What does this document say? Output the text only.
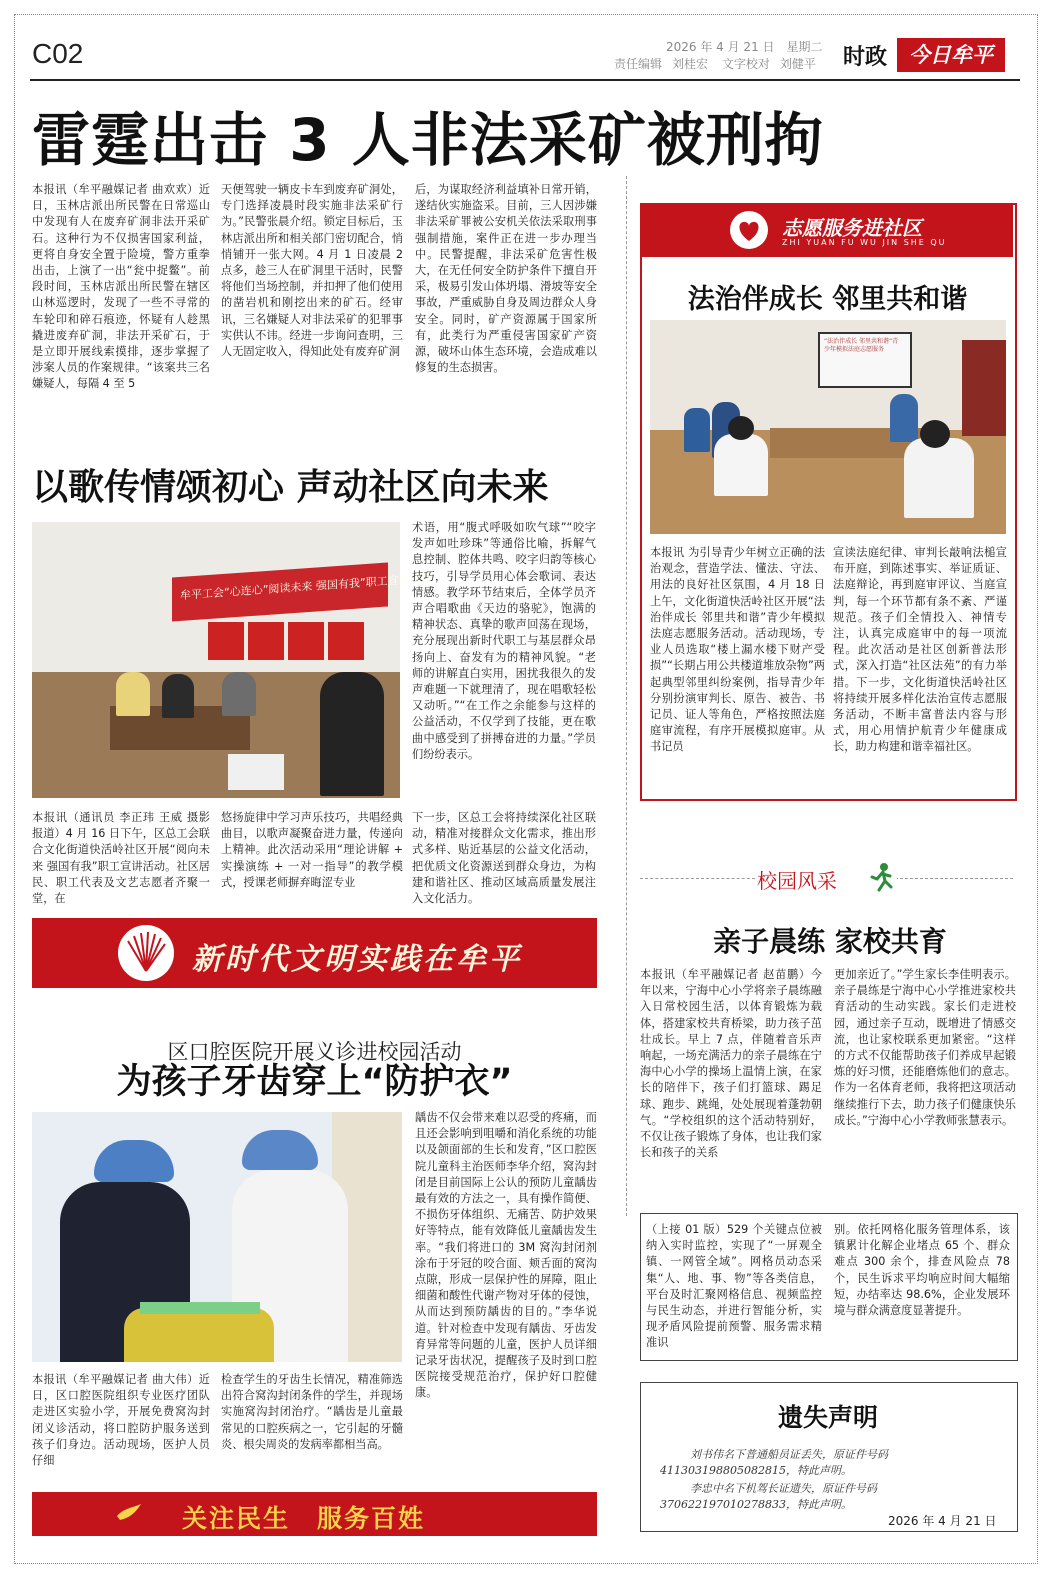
C02	2026 年 4 月 21 日　星期二
责任编辑 刘桂宏 文字校对 刘健平	时政	今日牟平
雷霆出击 3 人非法采矿被刑拘
本报讯（牟平融媒记者 曲欢欢）近日，玉林店派出所民警在日常巡山中发现有人在废弃矿洞非法开采矿石。这种行为不仅损害国家利益，更将自身安全置于险境，警方重拳出击，上演了一出“瓮中捉鳖”。前段时间，玉林店派出所民警在辖区山林巡逻时，发现了一些不寻常的车轮印和碎石痕迹，怀疑有人趁黑撬进废弃矿洞，非法开采矿石，于是立即开展线索摸排，逐步掌握了涉案人员的作案规律。“该案共三名嫌疑人，每隔 4 至 5
天便驾驶一辆皮卡车到废弃矿洞处，专门选择凌晨时段实施非法采矿行为。”民警张晨介绍。锁定目标后，玉林店派出所和相关部门密切配合，悄悄铺开一张大网。4 月 1 日凌晨 2 点多，趁三人在矿洞里干活时，民警将他们当场控制，并扣押了他们使用的凿岩机和刚挖出来的矿石。经审讯，三名嫌疑人对非法采矿的犯罪事实供认不讳。经进一步询问查明，三人无固定收入，得知此处有废弃矿洞
后，为谋取经济利益填补日常开销，遂结伙实施盗采。目前，三人因涉嫌非法采矿罪被公安机关依法采取刑事强制措施，案件正在进一步办理当中。民警提醒，非法采矿危害性极大，在无任何安全防护条件下擅自开采，极易引发山体坍塌、滑坡等安全事故，严重威胁自身及周边群众人身安全。同时，矿产资源属于国家所有，此类行为严重侵害国家矿产资源，破坏山体生态环境，会造成难以修复的生态损害。
志愿服务进社区
ZHI YUAN FU WU JIN SHE QU
法治伴成长 邻里共和谐
“法治伴成长 邻里共和谐”青少年模拟法庭志愿服务
本报讯 为引导青少年树立正确的法治观念，营造学法、懂法、守法、用法的良好社区氛围，4 月 18 日上午，文化街道快活岭社区开展“法治伴成长 邻里共和谐”青少年模拟法庭志愿服务活动。活动现场，专业人员选取“楼上漏水楼下财产受损”“长期占用公共楼道堆放杂物”两起典型邻里纠纷案例，指导青少年分别扮演审判长、原告、被告、书记员、证人等角色，严格按照法庭庭审流程，有序开展模拟庭审。从书记员
宣读法庭纪律、审判长敲响法槌宣布开庭，到陈述事实、举证质证、法庭辩论，再到庭审评议、当庭宣判，每一个环节都有条不紊、严谨规范。孩子们全情投入、神情专注，认真完成庭审中的每一项流程。此次活动是社区创新普法形式，深入打造“社区法苑”的有力举措。下一步，文化街道快活岭社区将持续开展多样化法治宣传志愿服务活动，不断丰富普法内容与形式，用心用情护航青少年健康成长，助力构建和谐幸福社区。
以歌传情颂初心 声动社区向未来
牟平工会“心连心”阅读未来 强国有我”职工宣讲活动
术语，用“腹式呼吸如吹气球”“咬字发声如吐珍珠”等通俗比喻，拆解气息控制、腔体共鸣、咬字归韵等核心技巧，引导学员用心体会歌词、表达情感。教学环节结束后，全体学员齐声合唱歌曲《天边的骆驼》，饱满的精神状态、真挚的歌声回荡在现场，充分展现出新时代职工与基层群众昂扬向上、奋发有为的精神风貌。“老师的讲解直白实用，困扰我很久的发声难题一下就理清了，现在唱歌轻松又动听。”“在工作之余能参与这样的公益活动，不仅学到了技能，更在歌曲中感受到了拼搏奋进的力量。”学员们纷纷表示。
本报讯（通讯员 李正玮 王威 摄影报道）4 月 16 日下午，区总工会联合文化街道快活岭社区开展“阅向未来 强国有我”职工宣讲活动。社区居民、职工代表及文艺志愿者齐聚一堂，在
悠扬旋律中学习声乐技巧，共唱经典曲目，以歌声凝聚奋进力量，传递向上精神。此次活动采用“理论讲解 + 实操演练 + 一对一指导”的教学模式，授课老师摒弃晦涩专业
下一步，区总工会将持续深化社区联动，精准对接群众文化需求，推出形式多样、贴近基层的公益文化活动，把优质文化资源送到群众身边，为构建和谐社区、推动区域高质量发展注入文化活力。
新时代文明实践在牟平
校园风采
亲子晨练 家校共育
本报讯（牟平融媒记者 赵苗鹏）今年以来，宁海中心小学将亲子晨练融入日常校园生活，以体育锻炼为载体，搭建家校共育桥梁，助力孩子茁壮成长。早上 7 点，伴随着音乐声响起，一场充满活力的亲子晨练在宁海中心小学的操场上温情上演，在家长的陪伴下，孩子们打篮球、踢足球、跑步、跳绳，处处展现着蓬勃朝气。“学校组织的这个活动特别好，不仅让孩子锻炼了身体，也让我们家长和孩子的关系
更加亲近了。”学生家长李佳明表示。亲子晨练是宁海中心小学推进家校共育活动的生动实践。家长们走进校园，通过亲子互动，既增进了情感交流，也让家校联系更加紧密。“这样的方式不仅能帮助孩子们养成早起锻炼的好习惯，还能磨炼他们的意志。作为一名体育老师，我将把这项活动继续推行下去，助力孩子们健康快乐成长。”宁海中心小学教师张慧表示。
区口腔医院开展义诊进校园活动
为孩子牙齿穿上“防护衣”
龋齿不仅会带来难以忍受的疼痛，而且还会影响到咀嚼和消化系统的功能以及颌面部的生长和发育，”区口腔医院儿童科主治医师李华介绍，窝沟封闭是目前国际上公认的预防儿童龋齿最有效的方法之一，具有操作简便、不损伤牙体组织、无痛苦、防护效果好等特点，能有效降低儿童龋齿发生率。“我们将进口的 3M 窝沟封闭剂涂布于牙冠的咬合面、颊舌面的窝沟点隙，形成一层保护性的屏障，阻止细菌和酸性代谢产物对牙体的侵蚀，从而达到预防龋齿的目的。”李华说道。针对检查中发现有龋齿、牙齿发育异常等问题的儿童，医护人员详细记录牙齿状况，提醒孩子及时到口腔医院接受规范治疗，保护好口腔健康。
本报讯（牟平融媒记者 曲大伟）近日，区口腔医院组织专业医疗团队走进区实验小学，开展免费窝沟封闭义诊活动，将口腔防护服务送到孩子们身边。活动现场，医护人员仔细
检查学生的牙齿生长情况，精准筛选出符合窝沟封闭条件的学生，并现场实施窝沟封闭治疗。“龋齿是儿童最常见的口腔疾病之一，它引起的牙髓炎、根尖周炎的发病率都相当高。
（上接 01 版）529 个关键点位被纳入实时监控，实现了“一屏观全镇、一网管全域”。网格员动态采集“人、地、事、物”等各类信息，平台及时汇聚网格信息、视频监控与民生动态，并进行智能分析，实现矛盾风险提前预警、服务需求精准识
别。依托网格化服务管理体系，该镇累计化解企业堵点 65 个、群众难点 300 余个，排查风险点 78 个，民生诉求平均响应时间大幅缩短，办结率达 98.6%，企业发展环境与群众满意度显著提升。
遗失声明
刘书伟名下普通船员证丢失，原证件号码
411303198805082815，特此声明。
李忠中名下机驾长证遗失，原证件号码
370622197010278833，特此声明。
2026 年 4 月 21 日
关注民生　服务百姓
